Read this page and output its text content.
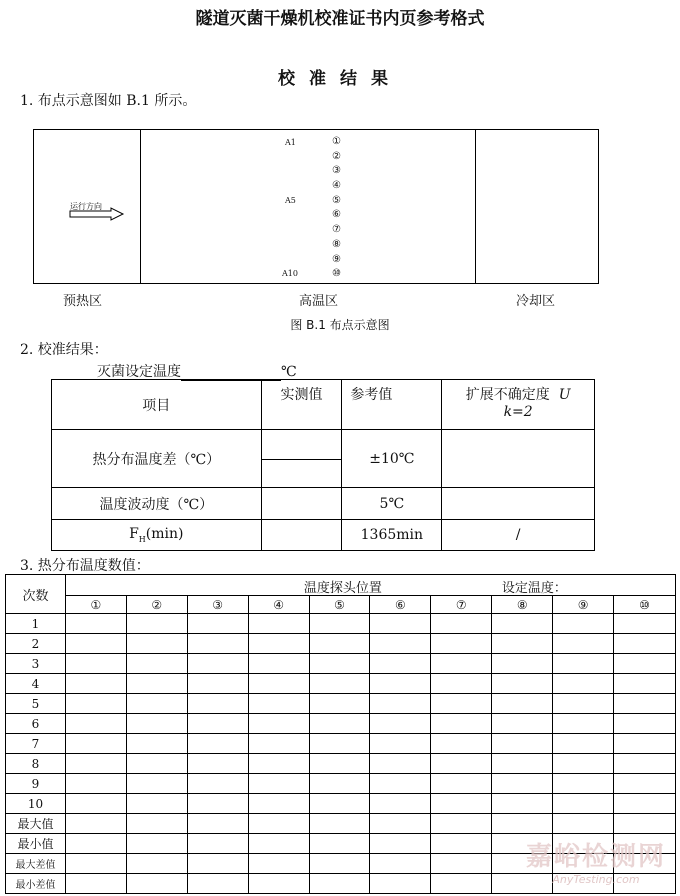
隧道灭菌干燥机校准证书内页参考格式
校准结果
1. 布点示意图如 B.1 所示。
运行方向
A1
A5
A10
①
②
③
④
⑤
⑥
⑦
⑧
⑨
⑩
预热区	高温区	冷却区
图 B.1 布点示意图
2. 校准结果：
灭菌设定温度	℃
项目	实测值	参考值	扩展不确定度 U
k=2

热分布温度差（℃）		±10℃	

温度波动度（℃）		5℃	
$F_H(\min)$		1365min	/
3. 热分布温度数值：
次数	温度探头位置 设定温度：									

	①	②	③	④	⑤	⑥	⑦	⑧	⑨	⑩
1										
2										
3										
4										
5										
6										
7										
8										
9										
10										
最大值										
最小值										
最大差值										
最小差值										
嘉峪检测网
AnyTesting.com
